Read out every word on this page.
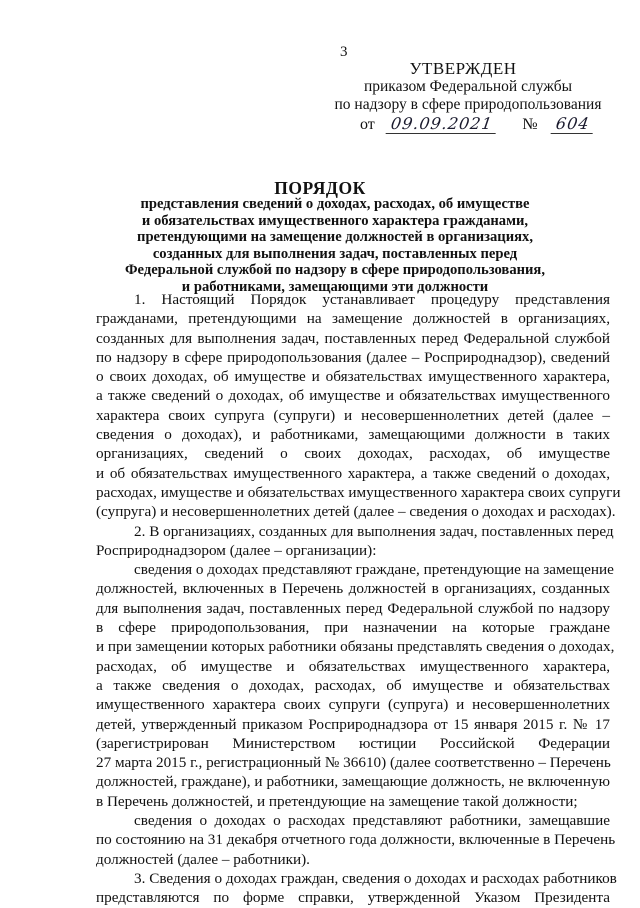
3
УТВЕРЖДЕН
приказом Федеральной службы
по надзору в сфере природопользования
от 09.09.2021 № 604
ПОРЯДОК
представления сведений о доходах, расходах, об имуществе
и обязательствах имущественного характера гражданами,
претендующими на замещение должностей в организациях,
созданных для выполнения задач, поставленных перед
Федеральной службой по надзору в сфере природопользования,
и работниками, замещающими эти должности
1. Настоящий Порядок устанавливает процедуру представления
гражданами, претендующими на замещение должностей в организациях,
созданных для выполнения задач, поставленных перед Федеральной службой
по надзору в сфере природопользования (далее – Росприроднадзор), сведений
о своих доходах, об имуществе и обязательствах имущественного характера,
а также сведений о доходах, об имуществе и обязательствах имущественного
характера своих супруга (супруги) и несовершеннолетних детей (далее –
сведения о доходах), и работниками, замещающими должности в таких
организациях, сведений о своих доходах, расходах, об имуществе
и об обязательствах имущественного характера, а также сведений о доходах,
расходах, имуществе и обязательствах имущественного характера своих супруги
(супруга) и несовершеннолетних детей (далее – сведения о доходах и расходах).
2. В организациях, созданных для выполнения задач, поставленных перед
Росприроднадзором (далее – организации):
сведения о доходах представляют граждане, претендующие на замещение
должностей, включенных в Перечень должностей в организациях, созданных
для выполнения задач, поставленных перед Федеральной службой по надзору
в сфере природопользования, при назначении на которые граждане
и при замещении которых работники обязаны представлять сведения о доходах,
расходах, об имуществе и обязательствах имущественного характера,
а также сведения о доходах, расходах, об имуществе и обязательствах
имущественного характера своих супруги (супруга) и несовершеннолетних
детей, утвержденный приказом Росприроднадзора от 15 января 2015 г. № 17
(зарегистрирован Министерством юстиции Российской Федерации
27 марта 2015 г., регистрационный № 36610) (далее соответственно – Перечень
должностей, граждане), и работники, замещающие должность, не включенную
в Перечень должностей, и претендующие на замещение такой должности;
сведения о доходах о расходах представляют работники, замещавшие
по состоянию на 31 декабря отчетного года должности, включенные в Перечень
должностей (далее – работники).
3. Сведения о доходах граждан, сведения о доходах и расходах работников
представляются по форме справки, утвержденной Указом Президента
